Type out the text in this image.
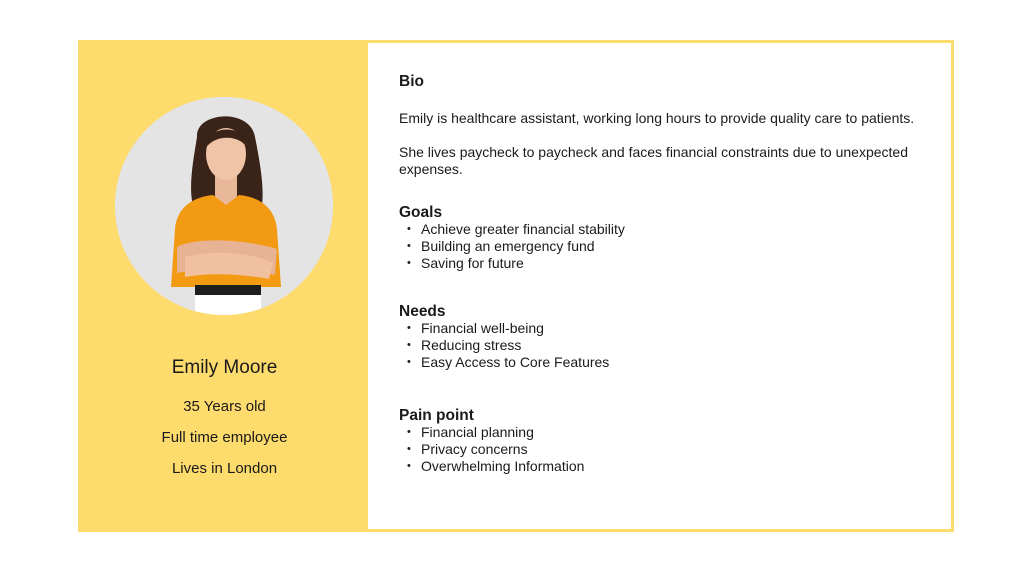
Emily Moore
35 Years old
Full time employee
Lives in London

Bio

Emily is healthcare assistant, working long hours to provide quality care to patients.

She lives paycheck to paycheck and faces financial constraints due to unexpected expenses.

Goals

• Achieve greater financial stability
• Building an emergency fund
• Saving for future

Needs

• Financial well-being
• Reducing stress
• Easy Access to Core Features

Pain point

• Financial planning
• Privacy concerns
• Overwhelming Information
